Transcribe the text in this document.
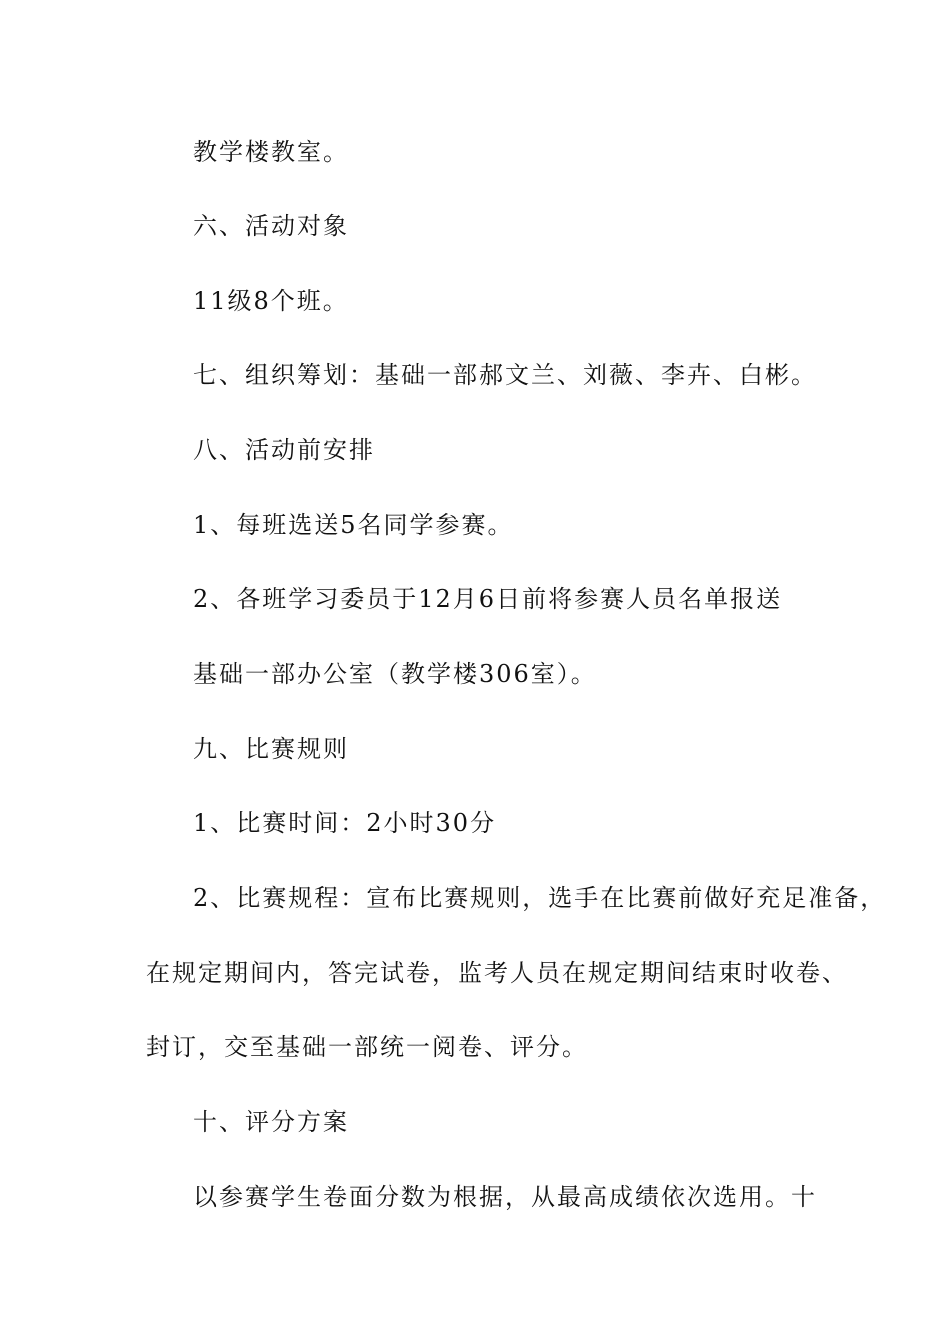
教学楼教室。

六、活动对象

11级8个班。

七、组织筹划：基础一部郝文兰、刘薇、李卉、白彬。

八、活动前安排

1、每班选送5名同学参赛。

2、各班学习委员于12月6日前将参赛人员名单报送

基础一部办公室（教学楼306室）。

九、比赛规则

1、比赛时间：2小时30分

2、比赛规程：宣布比赛规则，选手在比赛前做好充足准备，

在规定期间内，答完试卷，监考人员在规定期间结束时收卷、

封订，交至基础一部统一阅卷、评分。

十、评分方案

以参赛学生卷面分数为根据，从最高成绩依次选用。十
